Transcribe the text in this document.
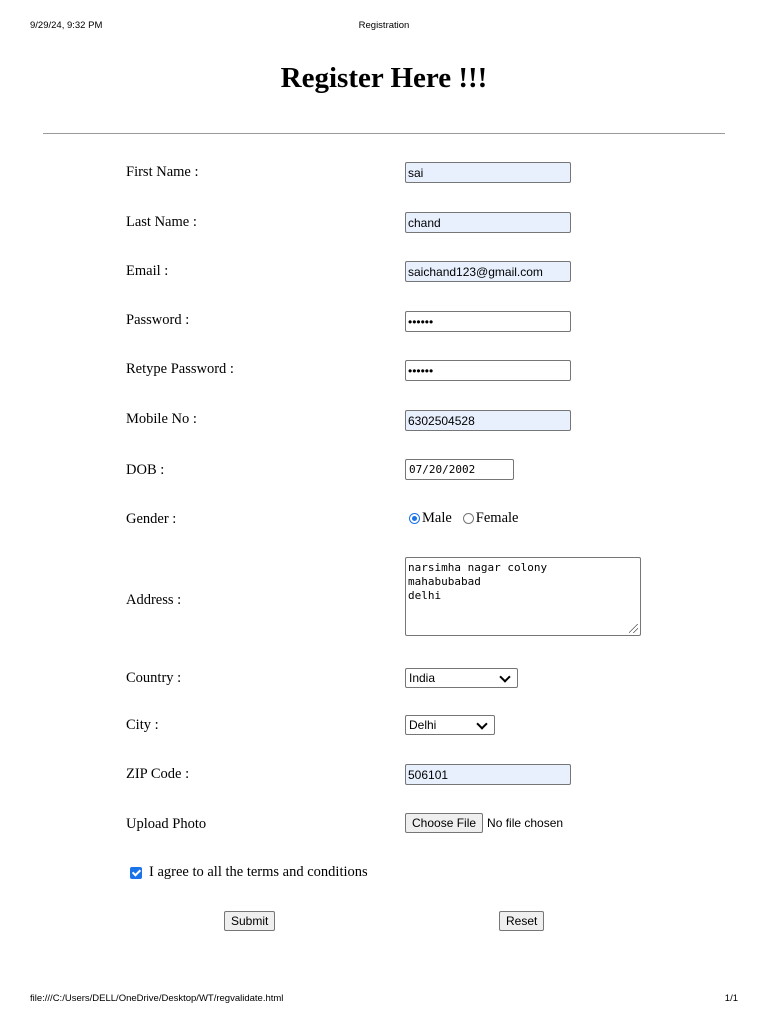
9/29/24, 9:32 PM	Registration
Register Here !!!
First Name :
sai
Last Name :
chand
Email :
saichand123@gmail.com
Password :
••••••
Retype Password :
••••••
Mobile No :
6302504528
DOB :	07/20/2002
Gender :	Male Female
Address :
narsimha nagar colony
mahabubabad
delhi
Country :	India
City :	Delhi
ZIP Code :
506101
Upload Photo	Choose File No file chosen
I agree to all the terms and conditions
Submit	Reset
file:///C:/Users/DELL/OneDrive/Desktop/WT/regvalidate.html	1/1
